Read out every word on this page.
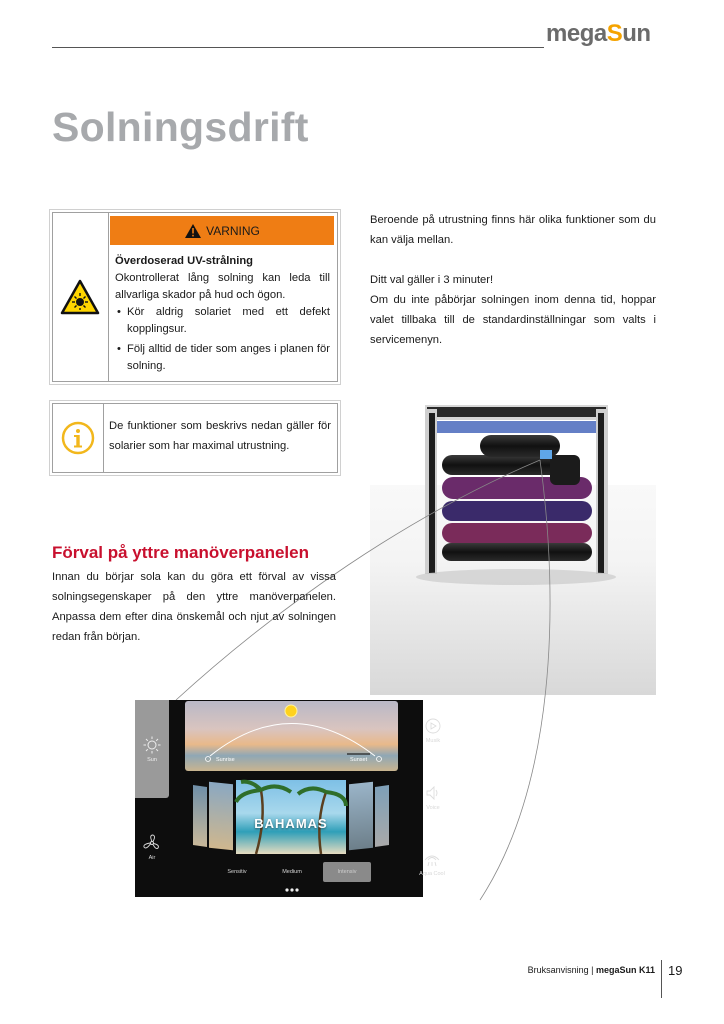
megaSun
Solningsdrift
VARNING
Överdoserad UV-strålning
Okontrollerat lång solning kan leda till allvarliga skador på hud och ögon.
• Kör aldrig solariet med ett defekt kopplingsur.
• Följ alltid de tider som anges i planen för solning.
De funktioner som beskrivs nedan gäller för solarier som har maximal utrustning.

Beroende på utrustning finns här olika funktioner som du kan välja mellan.

Ditt val gäller i 3 minuter!
Om du inte påbörjar solningen inom denna tid, hoppar valet tillbaka till de standardinställningar som valts i servicemenyn.

Förval på yttre manöverpanelen
Innan du börjar sola kan du göra ett förval av vissa solningsegenskaper på den yttre manöverpanelen. Anpassa dem efter dina önskemål och njut av solningen redan från början.
Sun	Sunrise	Sunset
BAHAMAS
Musik
Voice
Aqua Cool
Air
Sensitiv	Medium	Intensiv
Bruksanvisning | megaSun K11 19
